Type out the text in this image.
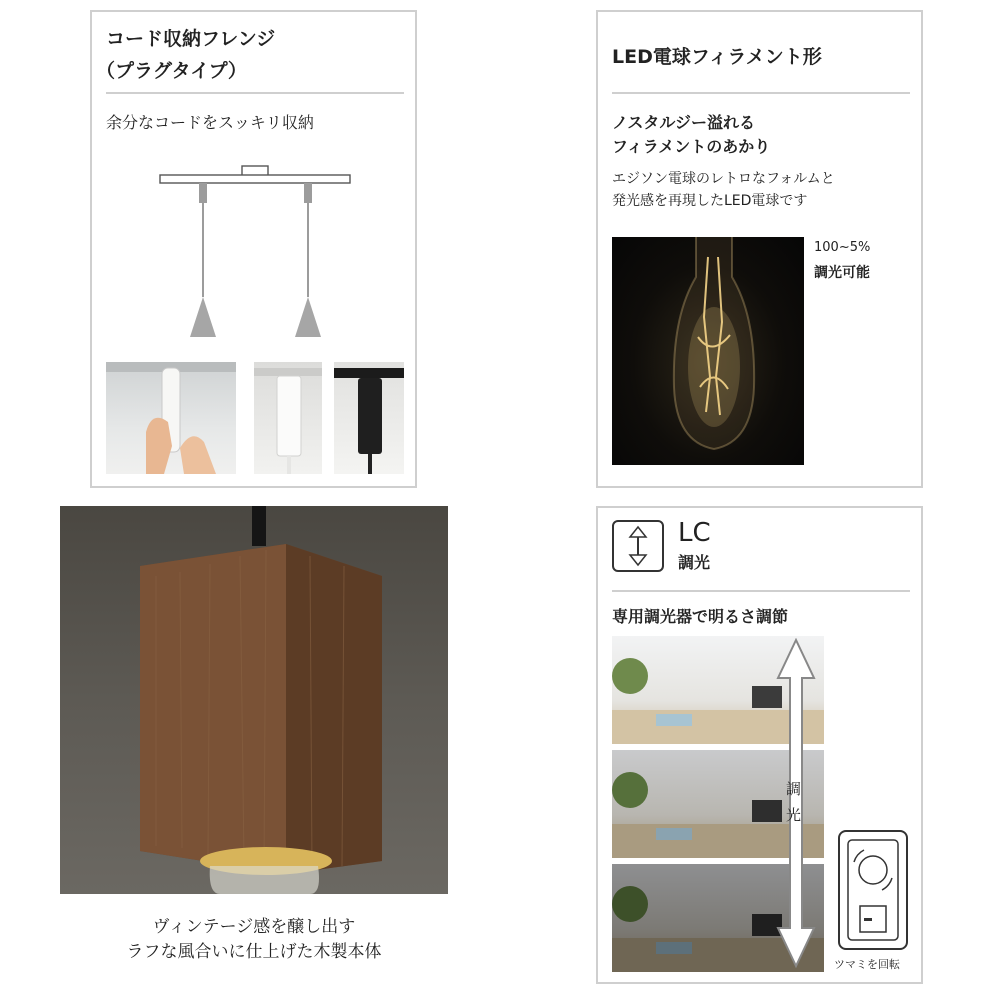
コード収納フレンジ
（プラグタイプ）
余分なコードをスッキリ収納
LED電球フィラメント形
ノスタルジー溢れる
フィラメントのあかり
エジソン電球のレトロなフォルムと
発光感を再現したLED電球です
100~5%
調光可能
ヴィンテージ感を醸し出す
ラフな風合いに仕上げた木製本体
LC
調光
専用調光器で明るさ調節
調
光
ツマミを回転
